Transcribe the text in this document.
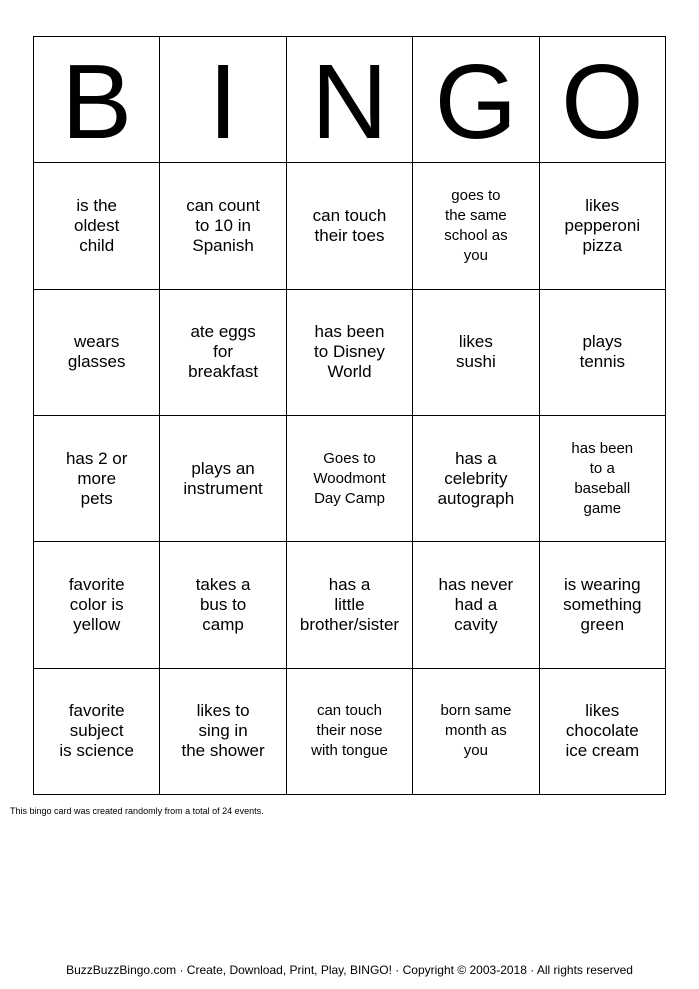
B I N G O
is the
oldest
child
can count
to 10 in
Spanish
can touch
their toes
goes to
the same
school as
you
likes
pepperoni
pizza
wears
glasses
ate eggs
for
breakfast
has been
to Disney
World
likes
sushi
plays
tennis
has 2 or
more
pets
plays an
instrument
Goes to
Woodmont
Day Camp
has a
celebrity
autograph
has been
to a
baseball
game
favorite
color is
yellow
takes a
bus to
camp
has a
little
brother/sister
has never
had a
cavity
is wearing
something
green
favorite
subject
is science
likes to
sing in
the shower
can touch
their nose
with tongue
born same
month as
you
likes
chocolate
ice cream
This bingo card was created randomly from a total of 24 events.
BuzzBuzzBingo.com · Create, Download, Print, Play, BINGO! · Copyright © 2003-2018 · All rights reserved
